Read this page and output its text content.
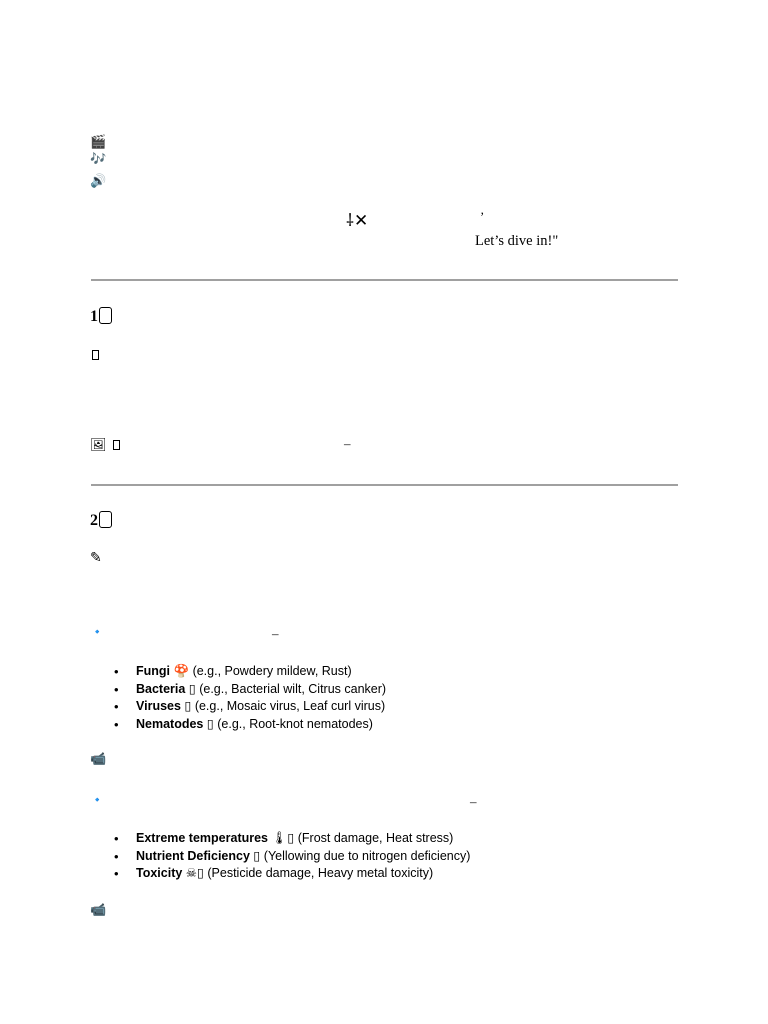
🎬
🎶
🔊
⸸✕	’
Let’s dive in!"
1
🖼	–
2
✎
🔹	–
• Fungi 🍄 (e.g., Powdery mildew, Rust)
• Bacteria ▯ (e.g., Bacterial wilt, Citrus canker)
• Viruses ▯ (e.g., Mosaic virus, Leaf curl virus)
• Nematodes ▯ (e.g., Root-knot nematodes)
📹
🔹	–
• Extreme temperatures 🌡▯ (Frost damage, Heat stress)
• Nutrient Deficiency ▯ (Yellowing due to nitrogen deficiency)
• Toxicity ☠▯ (Pesticide damage, Heavy metal toxicity)
📹
